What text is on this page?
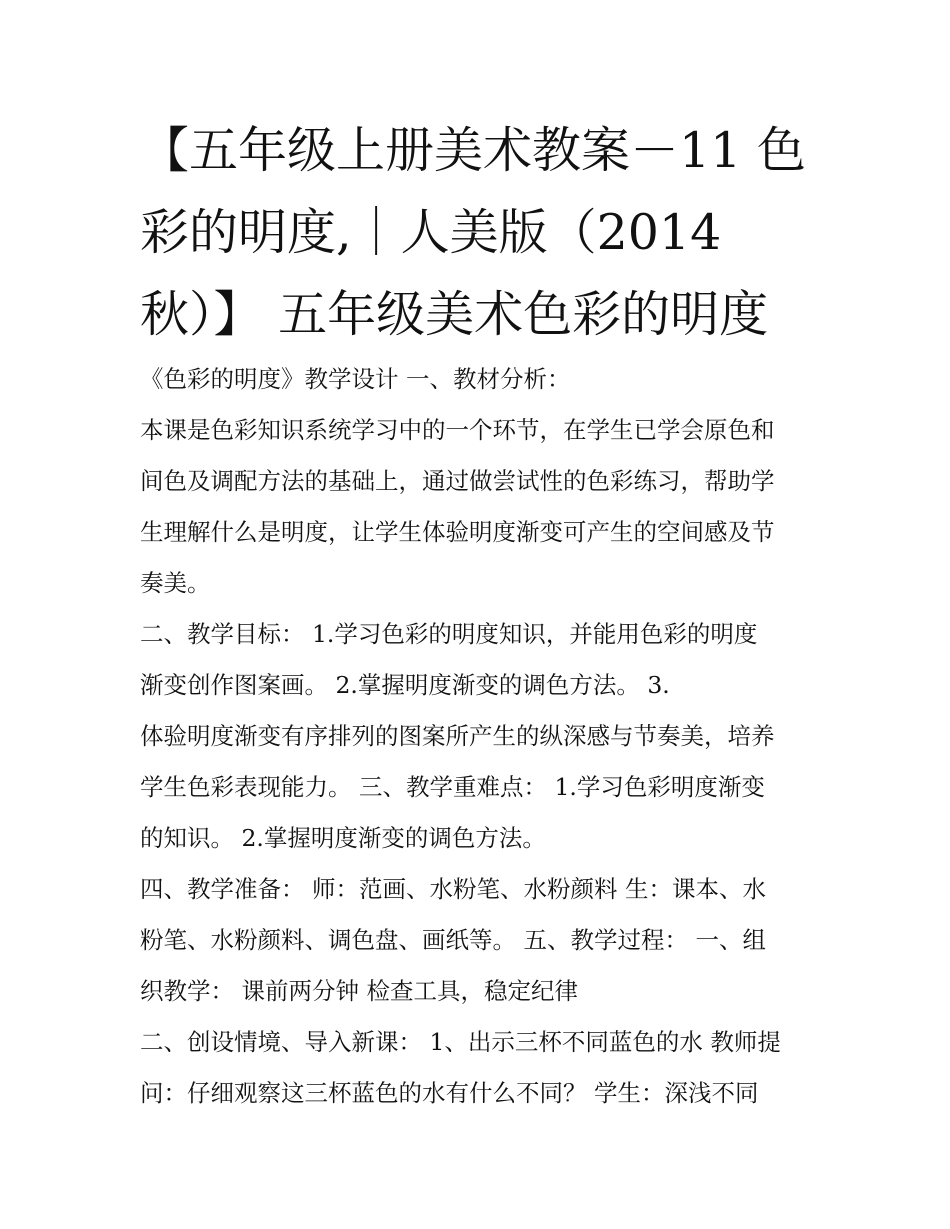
【五年级上册美术教案－11 色
彩的明度,｜人美版（2014
秋）】 五年级美术色彩的明度
《色彩的明度》教学设计 一、教材分析：
本课是色彩知识系统学习中的一个环节，在学生已学会原色和
间色及调配方法的基础上，通过做尝试性的色彩练习，帮助学
生理解什么是明度，让学生体验明度渐变可产生的空间感及节
奏美。
二、教学目标： 1.学习色彩的明度知识，并能用色彩的明度
渐变创作图案画。 2.掌握明度渐变的调色方法。 3.
体验明度渐变有序排列的图案所产生的纵深感与节奏美，培养
学生色彩表现能力。 三、教学重难点： 1.学习色彩明度渐变
的知识。 2.掌握明度渐变的调色方法。
四、教学准备： 师：范画、水粉笔、水粉颜料 生：课本、水
粉笔、水粉颜料、调色盘、画纸等。 五、教学过程： 一、组
织教学： 课前两分钟 检查工具，稳定纪律
二、创设情境、导入新课： 1、出示三杯不同蓝色的水 教师提
问：仔细观察这三杯蓝色的水有什么不同？ 学生：深浅不同
